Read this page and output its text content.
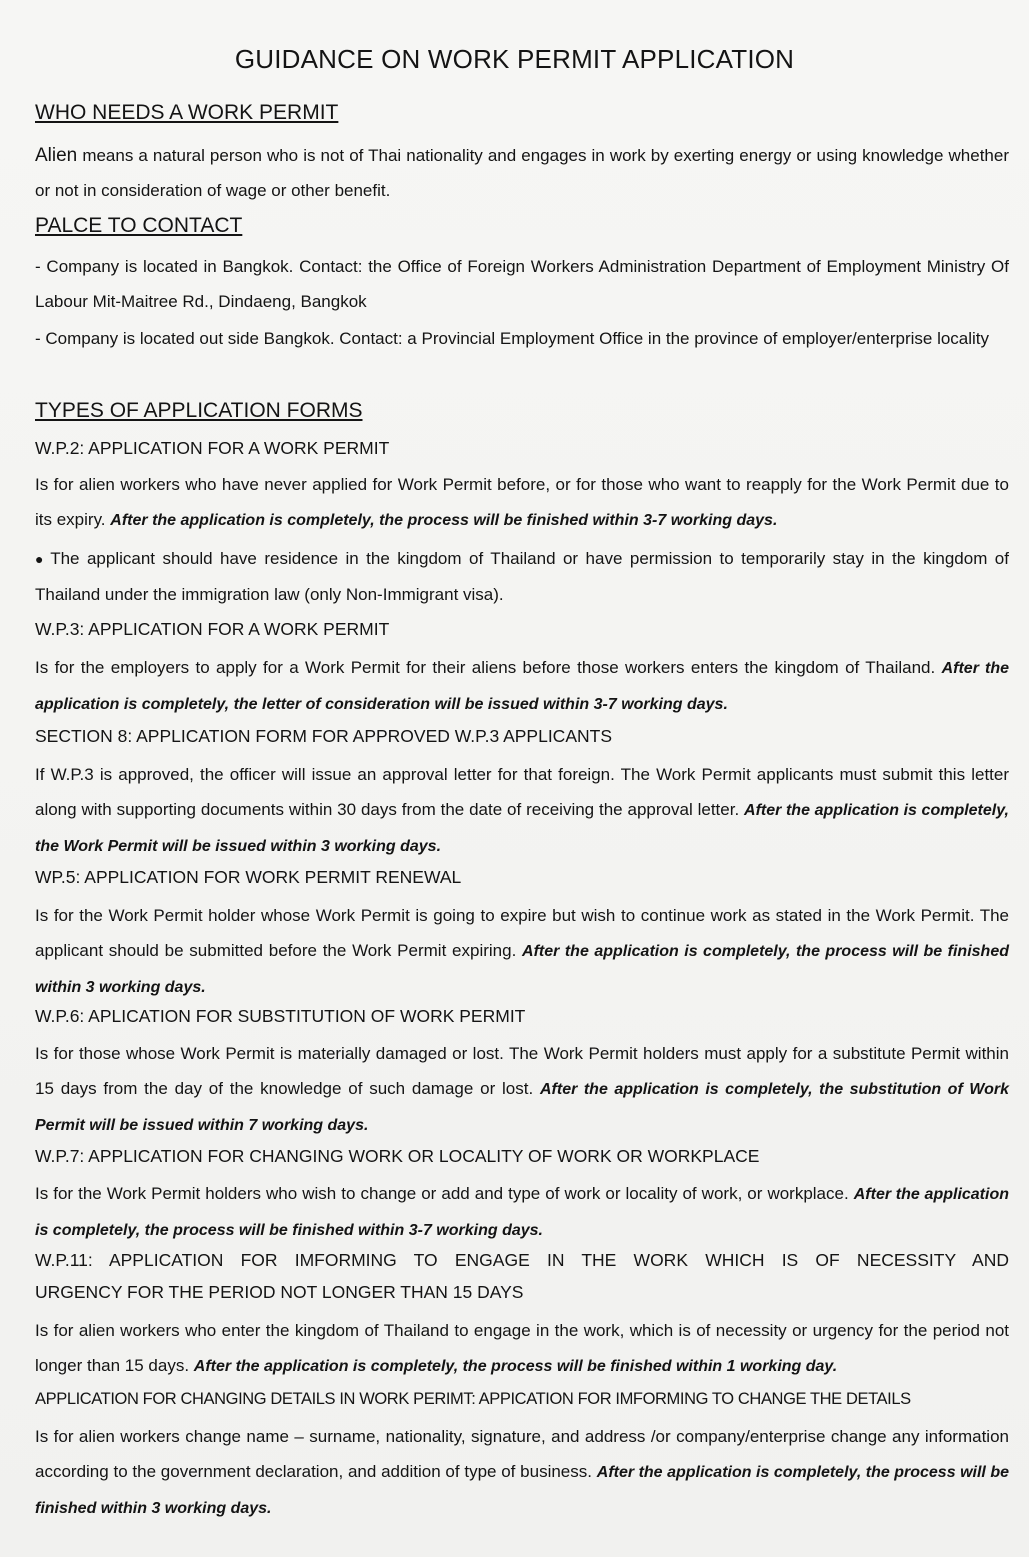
GUIDANCE ON WORK PERMIT APPLICATION
WHO NEEDS A WORK PERMIT

Alien means a natural person who is not of Thai nationality and engages in work by exerting energy or using knowledge whether or not in consideration of wage or other benefit.

PALCE TO CONTACT

- Company is located in Bangkok. Contact: the Office of Foreign Workers Administration Department of Employment Ministry Of Labour Mit-Maitree Rd., Dindaeng, Bangkok

- Company is located out side Bangkok. Contact: a Provincial Employment Office in the province of employer/enterprise locality

TYPES OF APPLICATION FORMS
W.P.2: APPLICATION FOR A WORK PERMIT

Is for alien workers who have never applied for Work Permit before, or for those who want to reapply for the Work Permit due to its expiry. After the application is completely, the process will be finished within 3-7 working days.

● The applicant should have residence in the kingdom of Thailand or have permission to temporarily stay in the kingdom of Thailand under the immigration law (only Non-Immigrant visa).

W.P.3: APPLICATION FOR A WORK PERMIT

Is for the employers to apply for a Work Permit for their aliens before those workers enters the kingdom of Thailand. After the application is completely, the letter of consideration will be issued within 3-7 working days.

SECTION 8: APPLICATION FORM FOR APPROVED W.P.3 APPLICANTS

If W.P.3 is approved, the officer will issue an approval letter for that foreign. The Work Permit applicants must submit this letter along with supporting documents within 30 days from the date of receiving the approval letter. After the application is completely, the Work Permit will be issued within 3 working days.

WP.5: APPLICATION FOR WORK PERMIT RENEWAL

Is for the Work Permit holder whose Work Permit is going to expire but wish to continue work as stated in the Work Permit. The applicant should be submitted before the Work Permit expiring. After the application is completely, the process will be finished within 3 working days.

W.P.6: APLICATION FOR SUBSTITUTION OF WORK PERMIT

Is for those whose Work Permit is materially damaged or lost. The Work Permit holders must apply for a substitute Permit within 15 days from the day of the knowledge of such damage or lost. After the application is completely, the substitution of Work Permit will be issued within 7 working days.

W.P.7: APPLICATION FOR CHANGING WORK OR LOCALITY OF WORK OR WORKPLACE

Is for the Work Permit holders who wish to change or add and type of work or locality of work, or workplace. After the application is completely, the process will be finished within 3-7 working days.

W.P.11: APPLICATION FOR IMFORMING TO ENGAGE IN THE WORK WHICH IS OF NECESSITY AND
URGENCY FOR THE PERIOD NOT LONGER THAN 15 DAYS

Is for alien workers who enter the kingdom of Thailand to engage in the work, which is of necessity or urgency for the period not longer than 15 days. After the application is completely, the process will be finished within 1 working day.

APPLICATION FOR CHANGING DETAILS IN WORK PERIMT: APPICATION FOR IMFORMING TO CHANGE THE DETAILS

Is for alien workers change name – surname, nationality, signature, and address /or company/enterprise change any information according to the government declaration, and addition of type of business. After the application is completely, the process will be finished within 3 working days.
